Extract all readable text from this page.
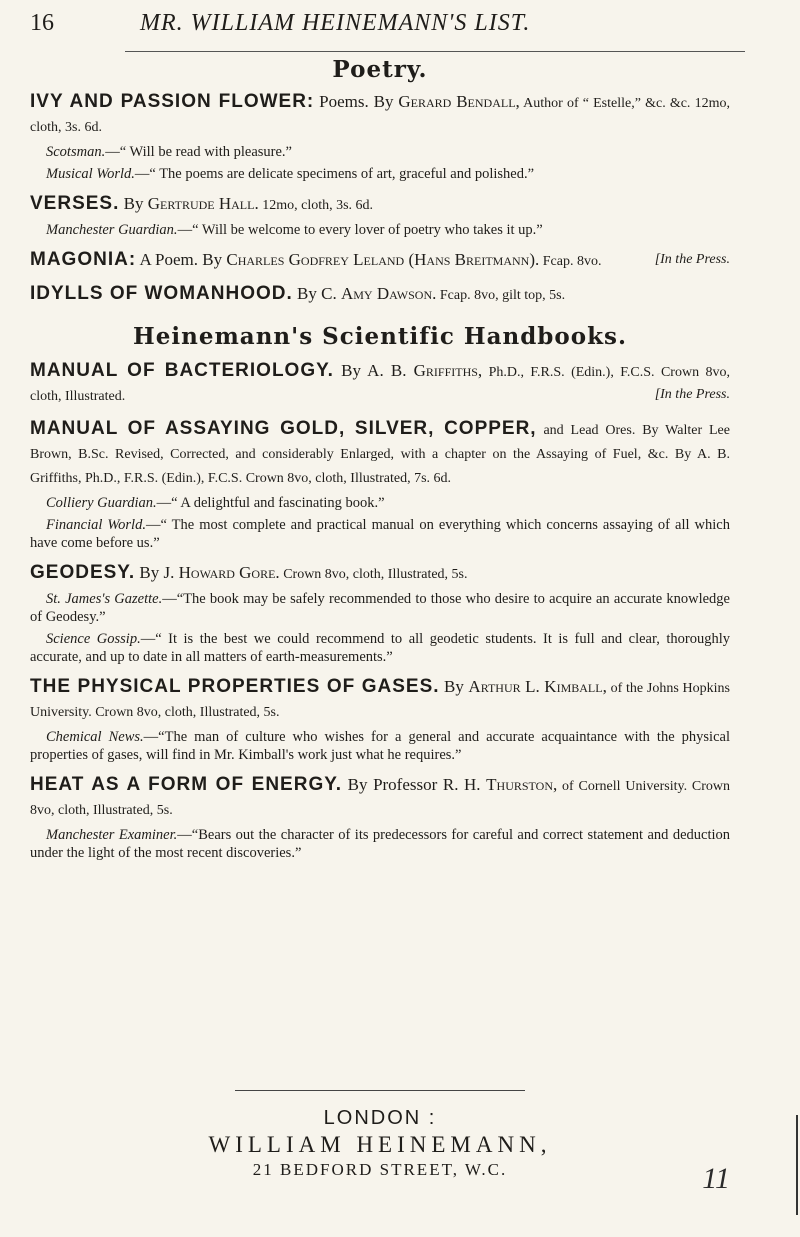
16	MR. WILLIAM HEINEMANN'S LIST.
Poetry.
IVY AND PASSION FLOWER: Poems. By Gerard Bendall, Author of “ Estelle,” &c. &c. 12mo, cloth, 3s. 6d.

Scotsman.—“ Will be read with pleasure.”

Musical World.—“ The poems are delicate specimens of art, graceful and polished.”

VERSES. By Gertrude Hall. 12mo, cloth, 3s. 6d.

Manchester Guardian.—“ Will be welcome to every lover of poetry who takes it up.”

MAGONIA: A Poem. By Charles Godfrey Leland (Hans Breitmann). Fcap. 8vo.	[In the Press.
IDYLLS OF WOMANHOOD. By C. Amy Dawson. Fcap. 8vo, gilt top, 5s.
Heinemann's Scientific Handbooks.
MANUAL OF BACTERIOLOGY. By A. B. Griffiths, Ph.D., F.R.S. (Edin.), F.C.S. Crown 8vo, cloth, Illustrated.	[In the Press.
MANUAL OF ASSAYING GOLD, SILVER, COPPER, and Lead Ores. By Walter Lee Brown, B.Sc. Revised, Corrected, and considerably Enlarged, with a chapter on the Assaying of Fuel, &c. By A. B. Griffiths, Ph.D., F.R.S. (Edin.), F.C.S. Crown 8vo, cloth, Illustrated, 7s. 6d.

Colliery Guardian.—“ A delightful and fascinating book.”

Financial World.—“ The most complete and practical manual on everything which concerns assaying of all which have come before us.”

GEODESY. By J. Howard Gore. Crown 8vo, cloth, Illustrated, 5s.

St. James's Gazette.—“The book may be safely recommended to those who desire to acquire an accurate knowledge of Geodesy.”

Science Gossip.—“ It is the best we could recommend to all geodetic students. It is full and clear, thoroughly accurate, and up to date in all matters of earth-measurements.”

THE PHYSICAL PROPERTIES OF GASES. By Arthur L. Kimball, of the Johns Hopkins University. Crown 8vo, cloth, Illustrated, 5s.

Chemical News.—“The man of culture who wishes for a general and accurate acquaintance with the physical properties of gases, will find in Mr. Kimball's work just what he requires.”

HEAT AS A FORM OF ENERGY. By Professor R. H. Thurston, of Cornell University. Crown 8vo, cloth, Illustrated, 5s.

Manchester Examiner.—“Bears out the character of its predecessors for careful and correct statement and deduction under the light of the most recent discoveries.”

LONDON :
WILLIAM HEINEMANN,
21 BEDFORD STREET, W.C.	11
